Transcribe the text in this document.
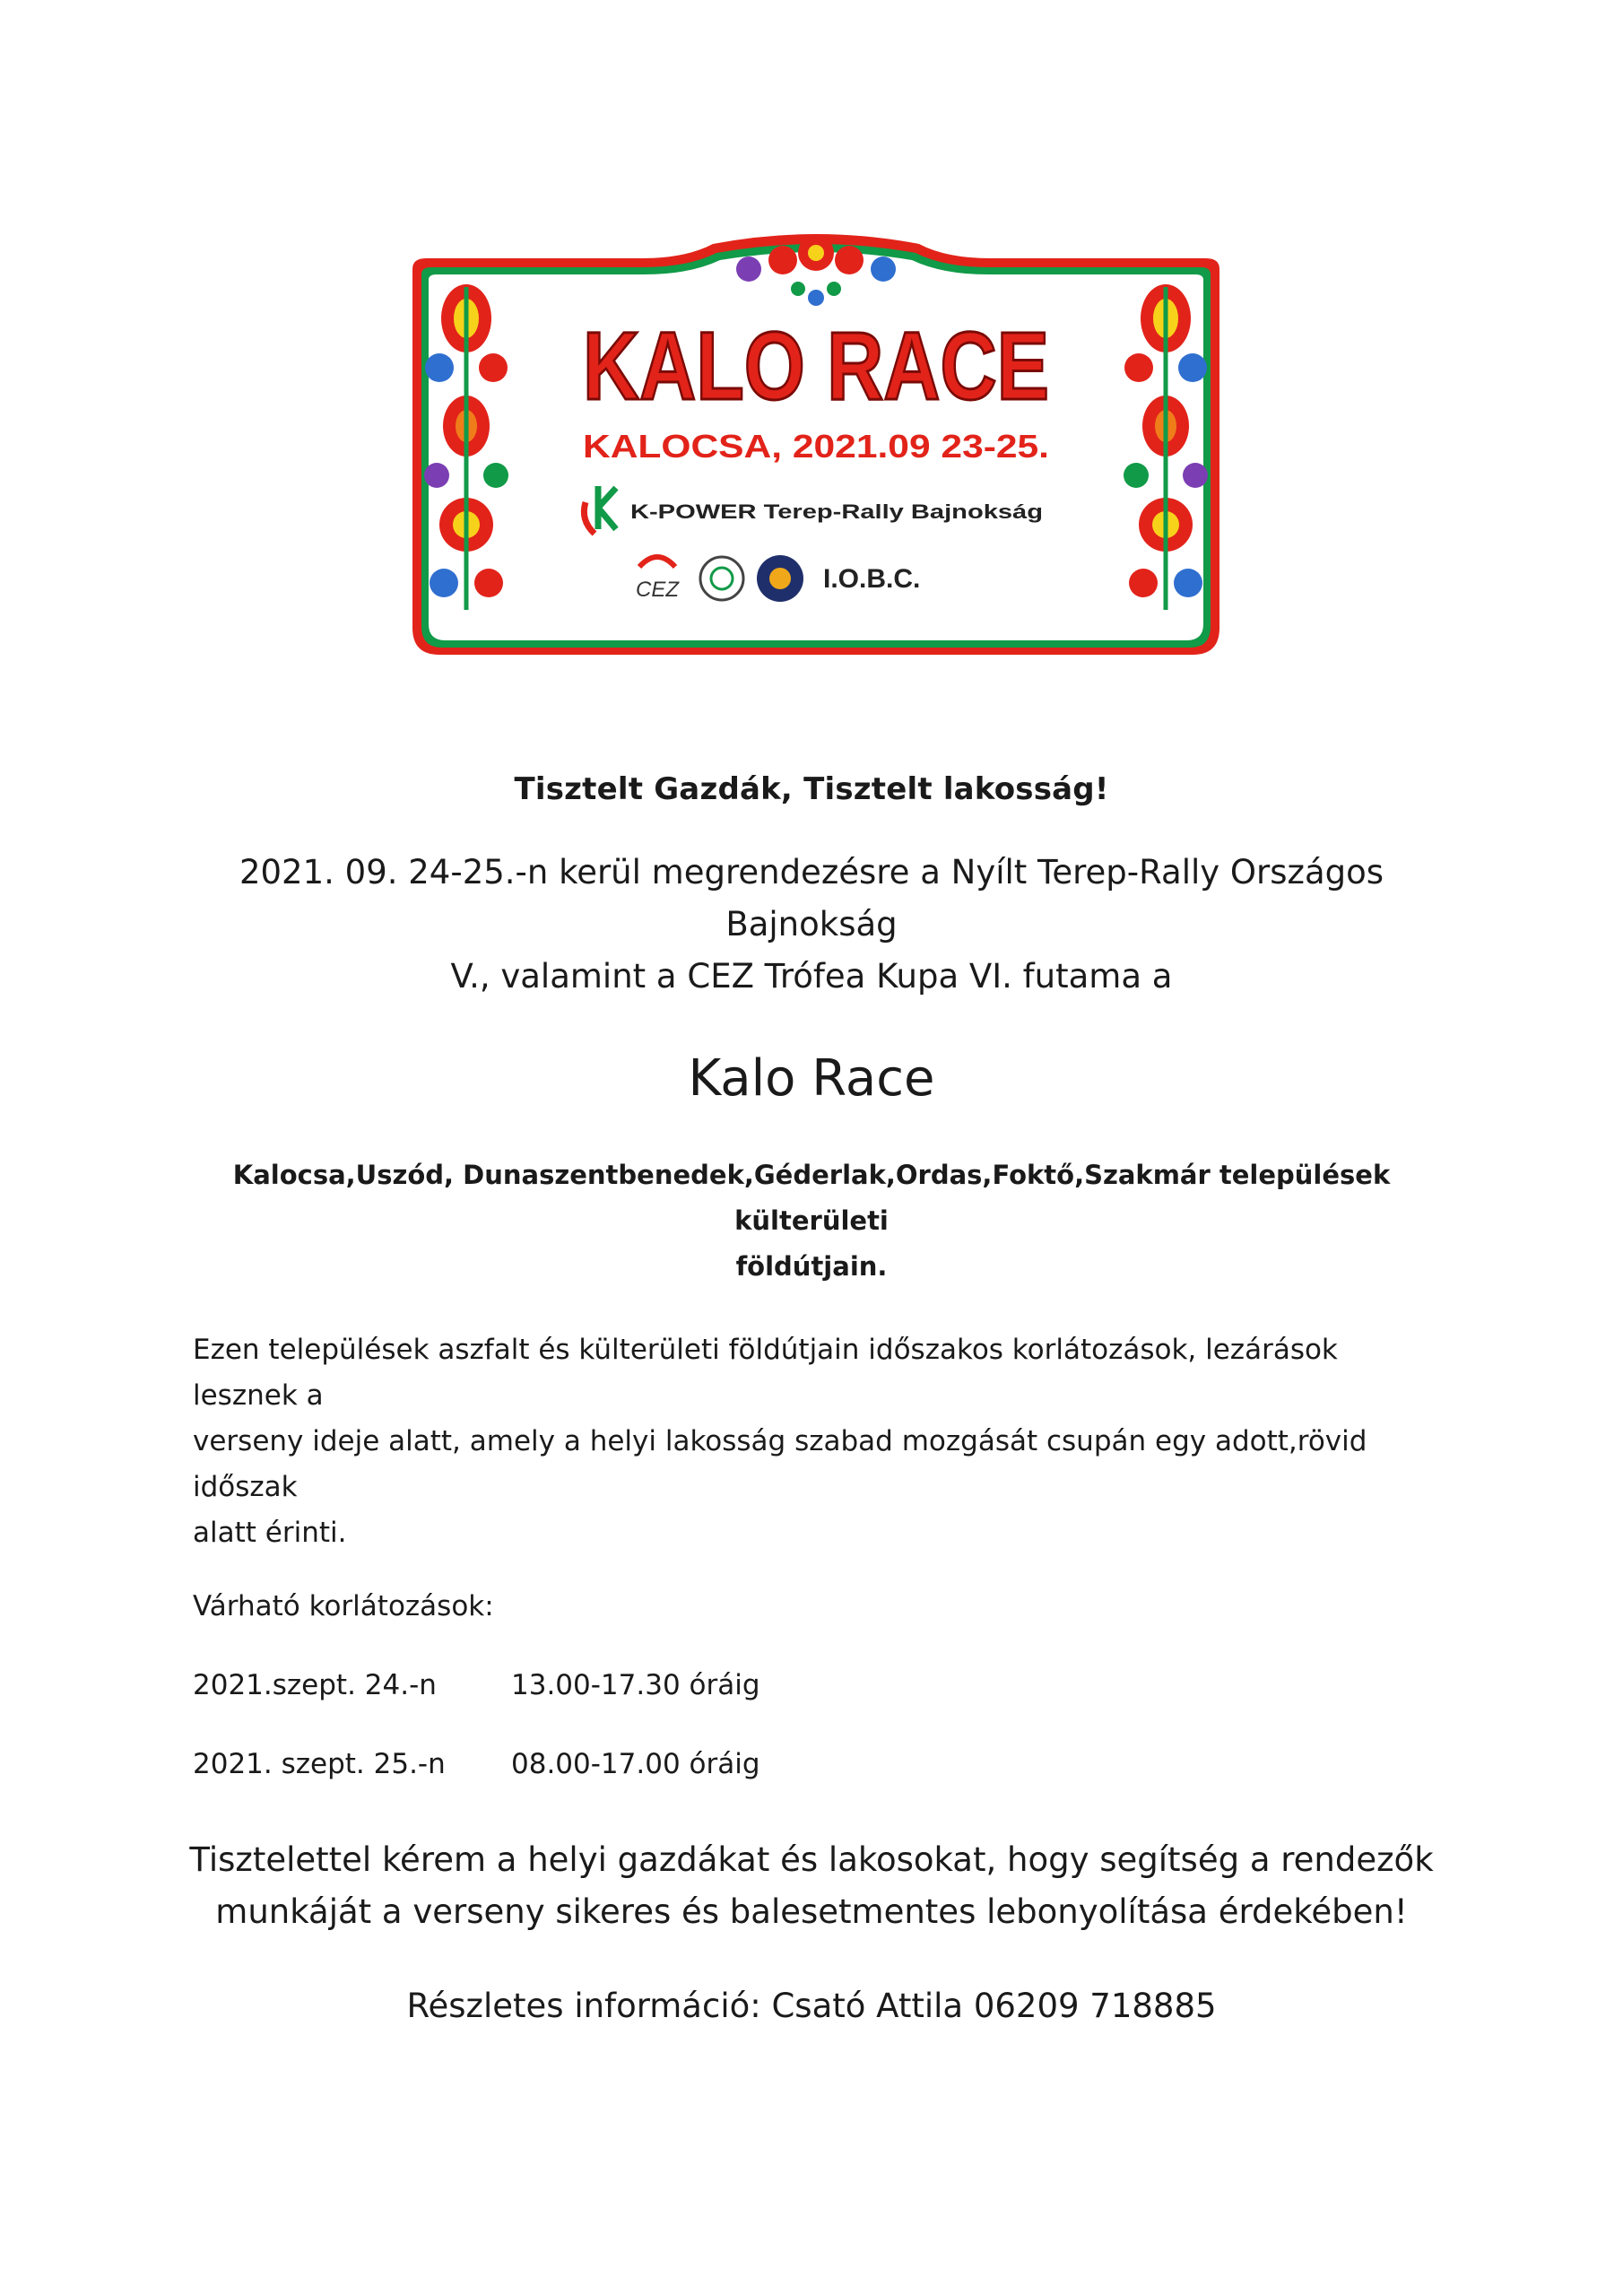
KALO RACE
KALOCSA, 2021.09 23-25.
K-POWER Terep-Rally Bajnokság
CEZ	I.O.B.C.

Tisztelt Gazdák, Tisztelt lakosság!

2021. 09. 24-25.-n kerül megrendezésre a Nyílt Terep-Rally Országos Bajnokság
V., valamint a CEZ Trófea Kupa VI. futama a
Kalo Race
Kalocsa,Uszód, Dunaszentbenedek,Géderlak,Ordas,Foktő,Szakmár települések külterületi
földútjain.
Ezen települések aszfalt és külterületi földútjain időszakos korlátozások, lezárások lesznek a
verseny ideje alatt, amely a helyi lakosság szabad mozgását csupán egy adott,rövid időszak
alatt érinti.
Várható korlátozások:
2021.szept. 24.-n	13.00-17.30 óráig
2021. szept. 25.-n	08.00-17.00 óráig
Tisztelettel kérem a helyi gazdákat és lakosokat, hogy segítség a rendezők
munkáját a verseny sikeres és balesetmentes lebonyolítása érdekében!
Részletes információ: Csató Attila 06209 718885
